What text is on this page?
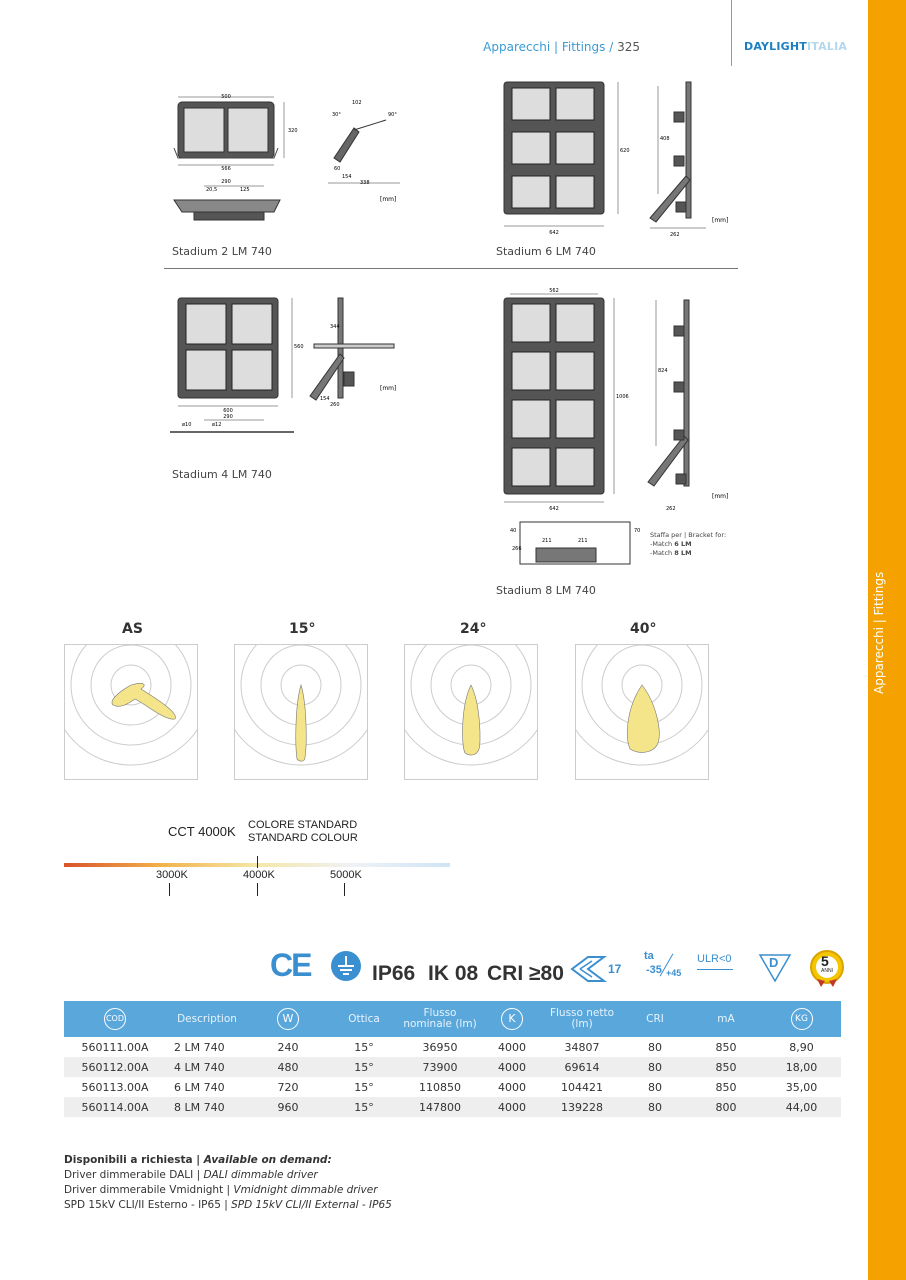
Apparecchi | Fittings / 325	DAYLIGHTITALIA
Apparecchi | Fittings
500
566
320
290
20,5	125
102
30°	90°
60
154
338
[mm]
Stadium 2 LM 740
642
620
408
262
[mm]
Stadium 6 LM 740
600
560
344
154
260
290
ø10	ø12
[mm]
Stadium 4 LM 740
562
642
1006
824
262
[mm]
211	211
266
40	70 Staffa per | Bracket for:
-Match 6 LM
-Match 8 LM
Stadium 8 LM 740
AS	15°	24°	40°
CCT 4000K COLORE STANDARD
STANDARD COLOUR
3000K	4000K	5000K
CE	IP66 IK 08 CRI ≥80	17
ta
-35 +45
ULR<0	D	5
ANNI
COD	Description	W	Ottica	Flusso nominale (lm)	K	Flusso netto (lm)	CRI	mA	KG
560111.00A	2 LM 740	240	15°	36950	4000	34807	80	850	8,90
560112.00A	4 LM 740	480	15°	73900	4000	69614	80	850	18,00
560113.00A	6 LM 740	720	15°	110850	4000	104421	80	850	35,00
560114.00A	8 LM 740	960	15°	147800	4000	139228	80	800	44,00
Disponibili a richiesta | Available on demand:
Driver dimmerabile DALI | DALI dimmable driver
Driver dimmerabile Vmidnight | Vmidnight dimmable driver
SPD 15kV CLI/II Esterno - IP65 | SPD 15kV CLI/II External - IP65
